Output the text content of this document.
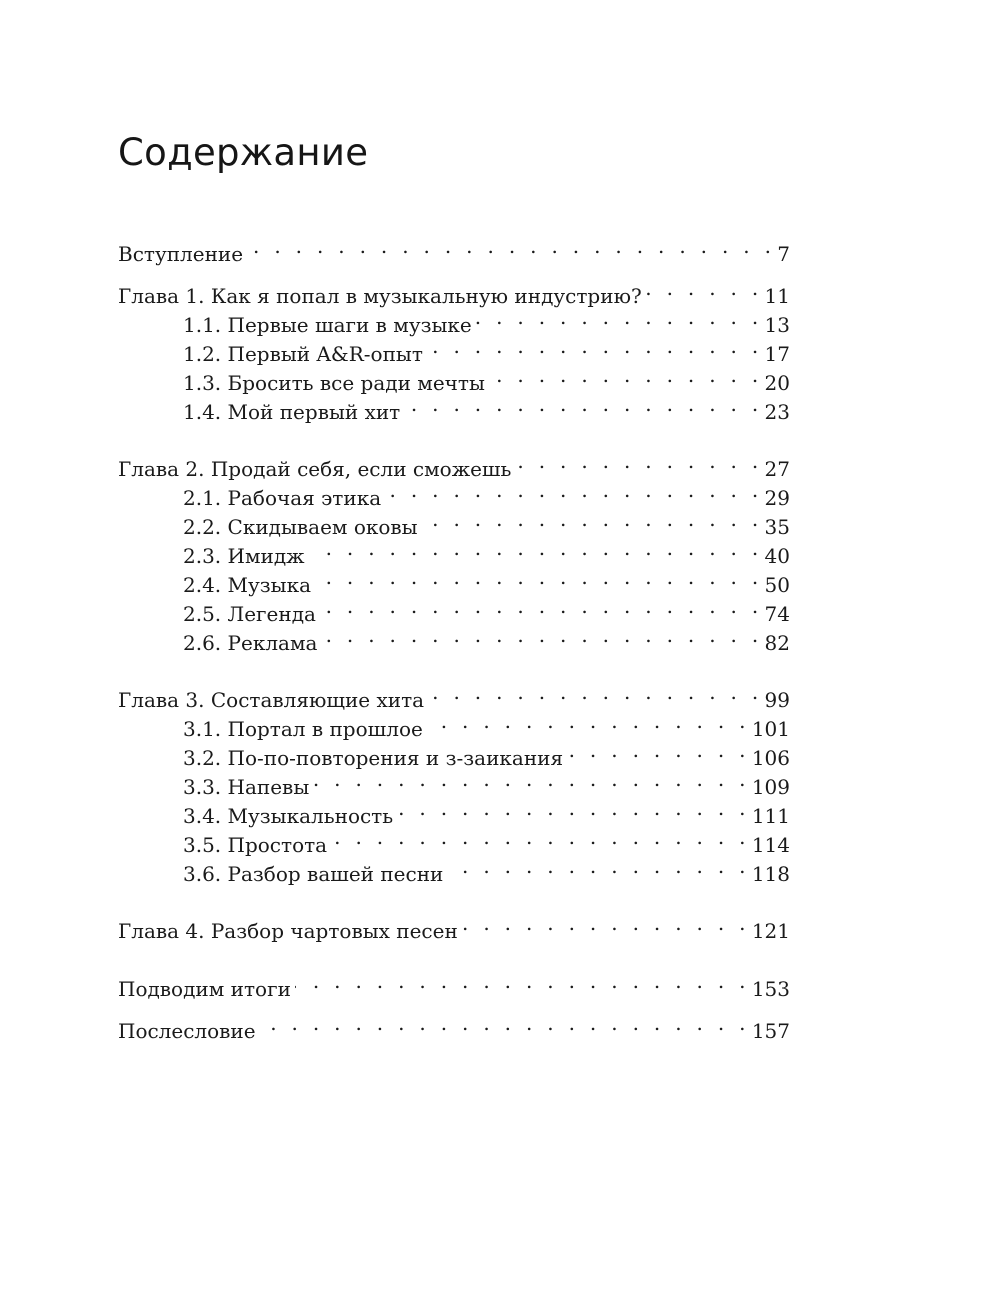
Содержание
Вступление . . .	7
Глава 1. Как я попал в музыкальную индустрию? . . .	11
1.1. Первые шаги в музыке . . .	13
1.2. Первый A&R-опыт . . .	17
1.3. Бросить все ради мечты . . .	20
1.4. Мой первый хит . . .	23
Глава 2. Продай себя, если сможешь . . .	27
2.1. Рабочая этика . . .	29
2.2. Скидываем оковы . . .	35
2.3. Имидж . . .	40
2.4. Музыка . . .	50
2.5. Легенда . . .	74
2.6. Реклама . . .	82
Глава 3. Составляющие хита . . .	99
3.1. Портал в прошлое . . .	101
3.2. По-по-повторения и з-заикания . . .	106
3.3. Напевы . . .	109
3.4. Музыкальность . . .	111
3.5. Простота . . .	114
3.6. Разбор вашей песни . . .	118
Глава 4. Разбор чартовых песен . . .	121
Подводим итоги . . .	153
Послесловие . . .	157
